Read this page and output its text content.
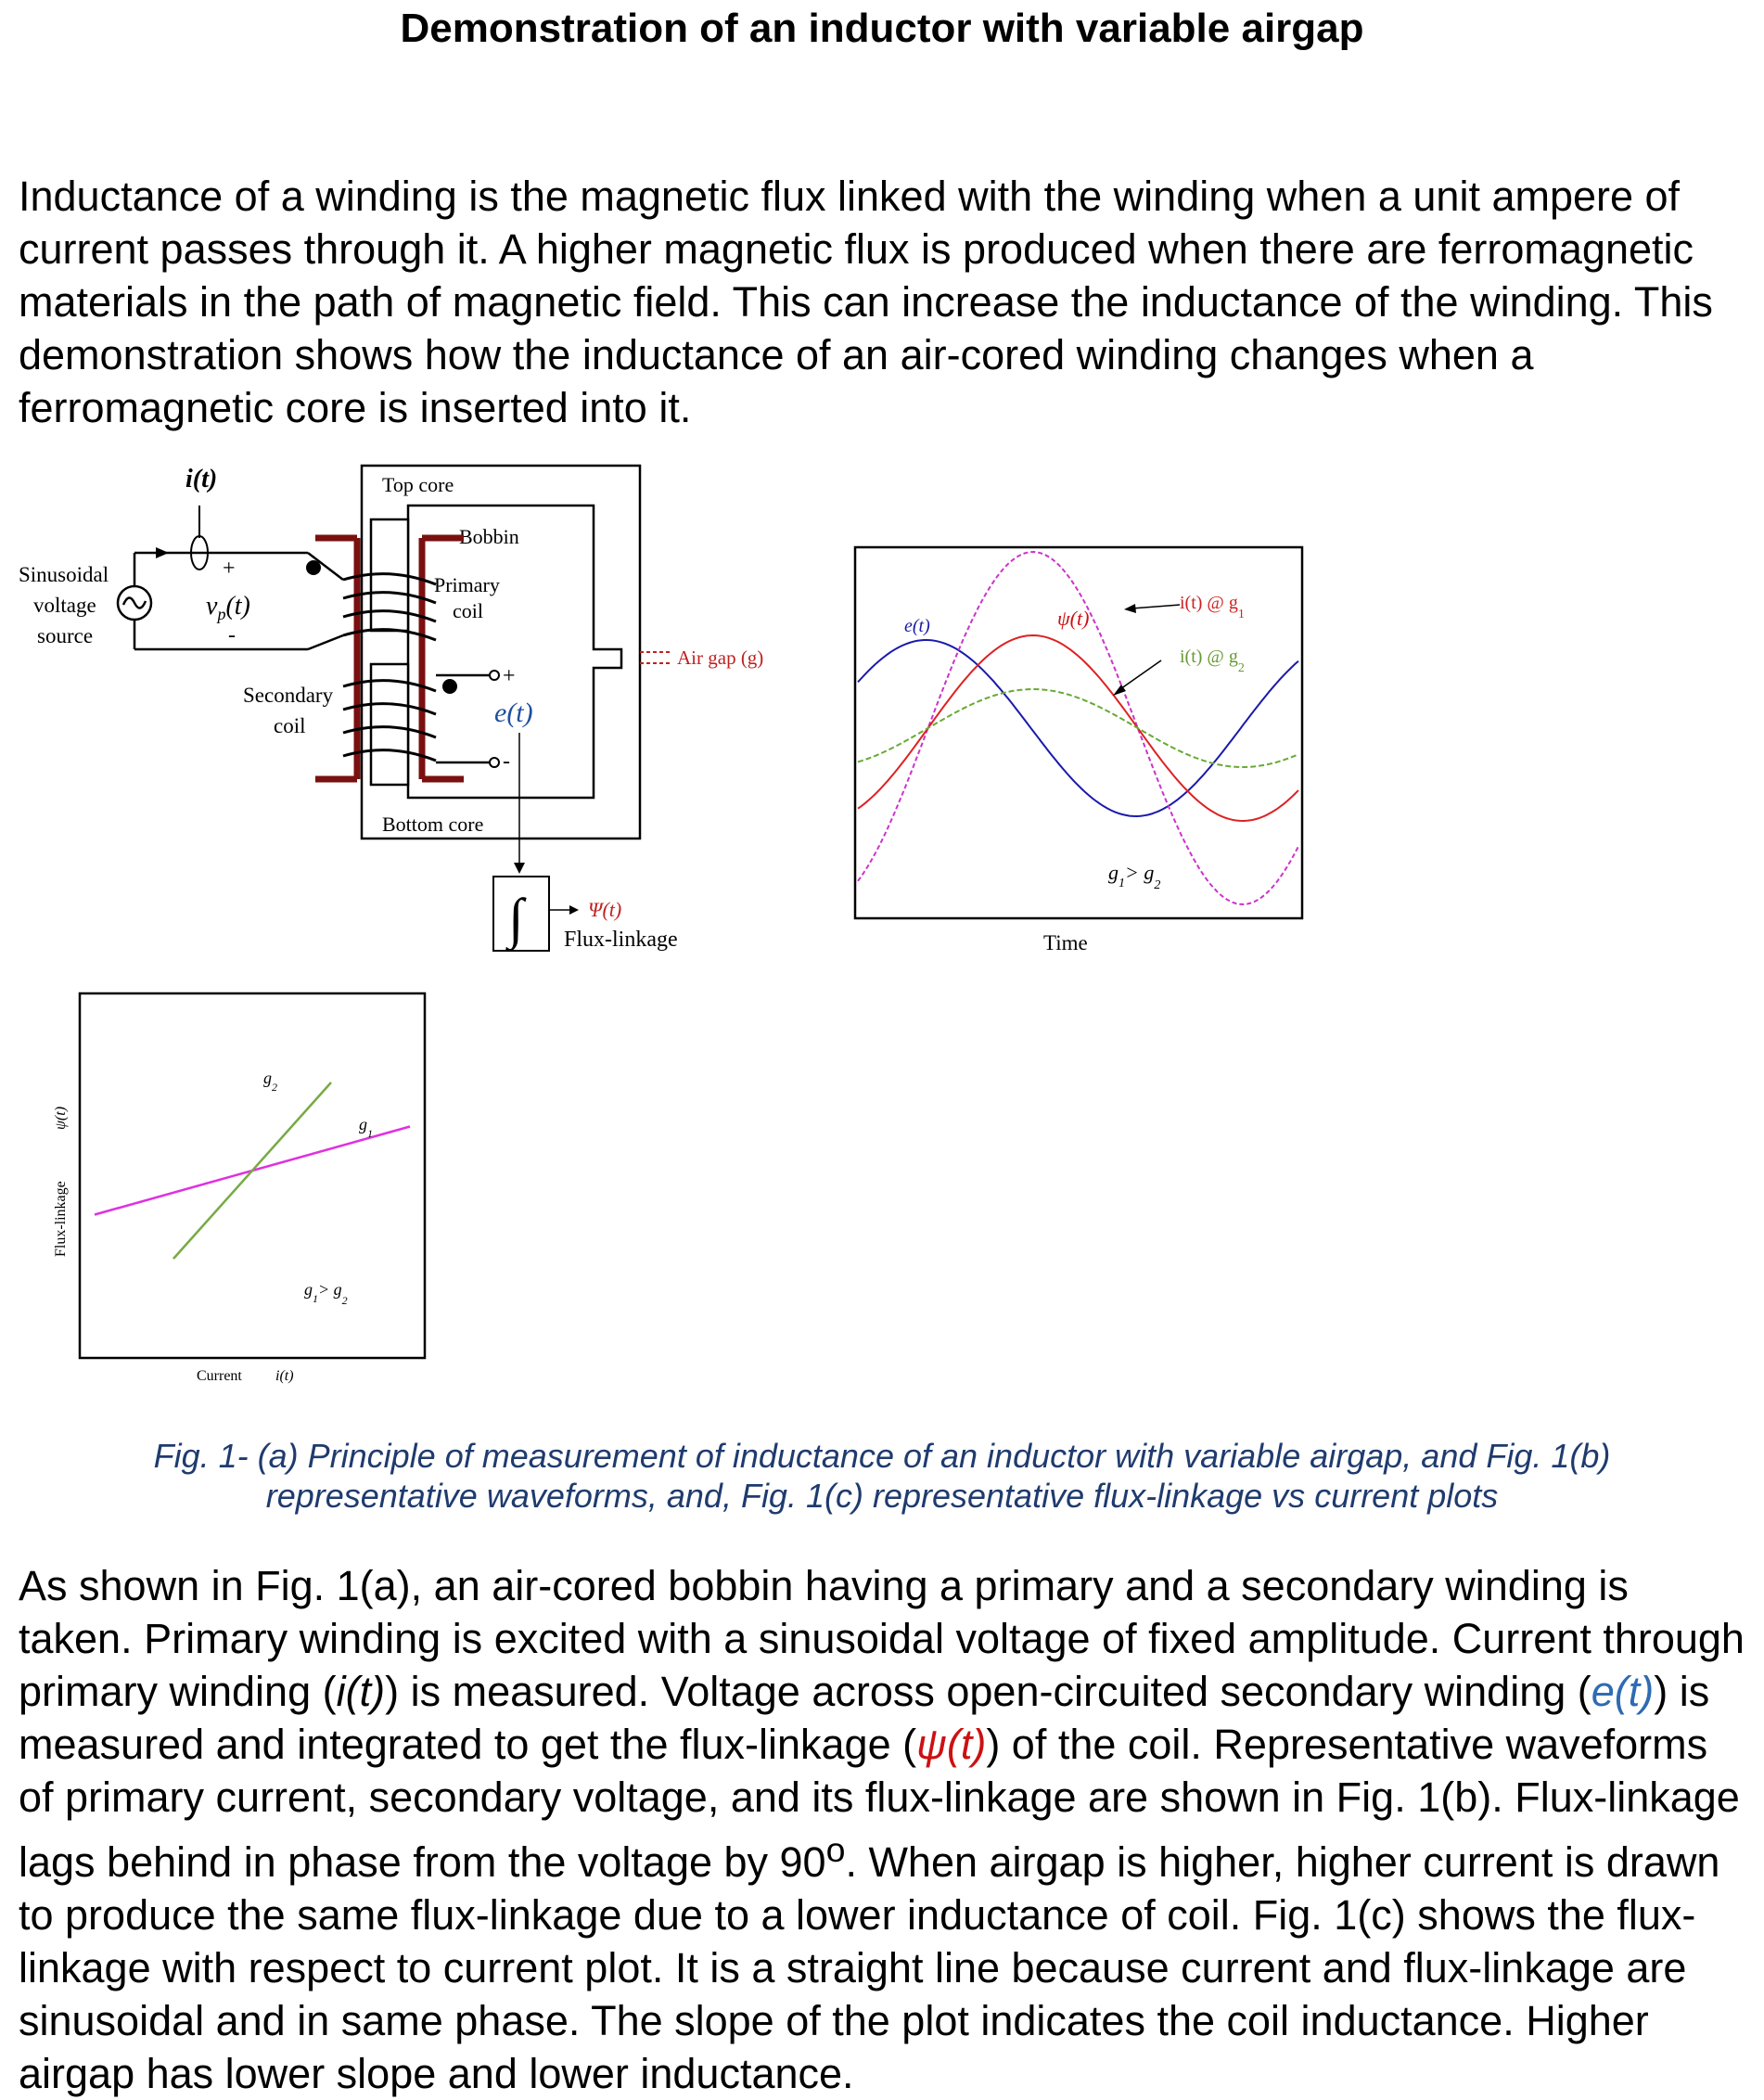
Demonstration of an inductor with variable airgap

Inductance of a winding is the magnetic flux linked with the winding when a unit ampere of current passes through it. A higher magnetic flux is produced when there are ferromagnetic materials in the path of magnetic field. This can increase the inductance of the winding. This demonstration shows how the inductance of an air-cored winding changes when a ferromagnetic core is inserted into it.

Sinusoidal
voltage
source
i(t)
+
-
$v_p(t)$
Top core
Bobbin
Primary
coil
Bottom core
+
-
e(t)
Secondary
coil
Air gap (g)
∫	Ψ(t)
Flux-linkage
e(t)	ψ(t)
i(t) @ $g_1$
i(t) @ $g_2$
$g_1> g_2$
Time
$g_2$
$g_1$
$g_1> g_2$
Current i(t)
Flux-linkage
ψ(t)

Fig. 1- (a) Principle of measurement of inductance of an inductor with variable airgap, and Fig. 1(b)
representative waveforms, and, Fig. 1(c) representative flux-linkage vs current plots

As shown in Fig. 1(a), an air-cored bobbin having a primary and a secondary winding is taken. Primary winding is excited with a sinusoidal voltage of fixed amplitude. Current through primary winding (i(t)) is measured. Voltage across open-circuited secondary winding (e(t)) is measured and integrated to get the flux-linkage (ψ(t)) of the coil. Representative waveforms of primary current, secondary voltage, and its flux-linkage are shown in Fig. 1(b). Flux-linkage lags behind in phase from the voltage by 90$^o$. When airgap is higher, higher current is drawn to produce the same flux-linkage due to a lower inductance of coil. Fig. 1(c) shows the flux-linkage with respect to current plot. It is a straight line because current and flux-linkage are sinusoidal and in same phase. The slope of the plot indicates the coil inductance. Higher airgap has lower slope and lower inductance.
